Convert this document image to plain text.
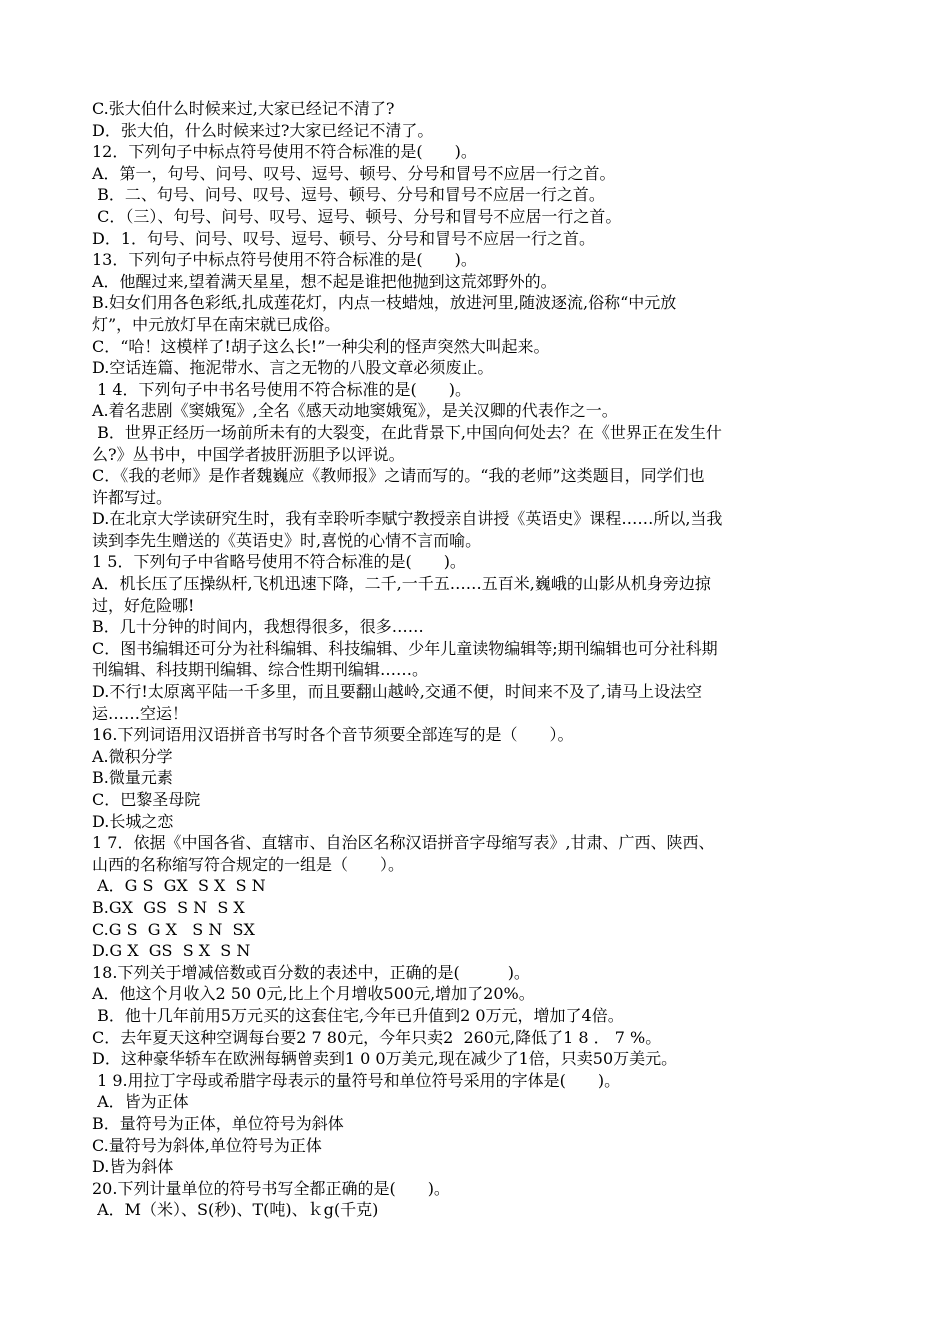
C.张大伯什么时候来过,大家已经记不清了?
D．张大伯，什么时候来过?大家已经记不清了。
12．下列句子中标点符号使用不符合标准的是(　　)。
A．第一，句号、问号、叹号、逗号、顿号、分号和冒号不应居一行之首。
B．二、句号、问号、叹号、逗号、顿号、分号和冒号不应居一行之首。
C．（三）、句号、问号、叹号、逗号、顿号、分号和冒号不应居一行之首。
D．1．句号、问号、叹号、逗号、顿号、分号和冒号不应居一行之首。
13．下列句子中标点符号使用不符合标准的是(　　)。
A．他醒过来,望着满天星星，想不起是谁把他抛到这荒郊野外的。
B.妇女们用各色彩纸,扎成莲花灯，内点一枝蜡烛，放进河里,随波逐流,俗称“中元放
灯”，中元放灯早在南宋就已成俗。
C．“哈！这模样了!胡子这么长!”一种尖利的怪声突然大叫起来。
D.空话连篇、拖泥带水、言之无物的八股文章必须废止。
1 4．下列句子中书名号使用不符合标准的是(　　)。
A.着名悲剧《窦娥冤》,全名《感天动地窦娥冤》，是关汉卿的代表作之一。
B．世界正经历一场前所未有的大裂变，在此背景下,中国向何处去？在《世界正在发生什
么?》丛书中，中国学者披肝沥胆予以评说。
C．《我的老师》是作者魏巍应《教师报》之请而写的。“我的老师”这类题目，同学们也
许都写过。
D.在北京大学读研究生时，我有幸聆听李赋宁教授亲自讲授《英语史》课程……所以,当我
读到李先生赠送的《英语史》时,喜悦的心情不言而喻。
1 5．下列句子中省略号使用不符合标准的是(　　)。
A．机长压了压操纵杆,飞机迅速下降，二千,一千五……五百米,巍峨的山影从机身旁边掠
过，好危险哪!
B．几十分钟的时间内，我想得很多，很多……
C．图书编辑还可分为社科编辑、科技编辑、少年儿童读物编辑等;期刊编辑也可分社科期
刊编辑、科技期刊编辑、综合性期刊编辑……。
D.不行!太原离平陆一千多里，而且要翻山越岭,交通不便，时间来不及了,请马上设法空
运……空运！
16.下列词语用汉语拼音书写时各个音节须要全部连写的是（　　）。
A.微积分学
B.微量元素
C．巴黎圣母院
D.长城之恋
1 7．依据《中国各省、直辖市、自治区名称汉语拼音字母缩写表》,甘肃、广西、陕西、
山西的名称缩写符合规定的一组是（　　）。
A．G S  GX  S X  S N
B.GX  GS  S N  S X
C.G S  G X   S N  SX
D.G X  GS  S X  S N
18.下列关于增减倍数或百分数的表述中，正确的是(　　　)。
A．他这个月收入2 50 0元,比上个月增收500元,增加了20%。
B．他十几年前用5万元买的这套住宅,今年已升值到2 0万元，增加了4倍。
C．去年夏天这种空调每台要2 7 80元，今年只卖2  260元,降低了1 8 ． 7 %。
D．这种豪华轿车在欧洲每辆曾卖到1 0 0万美元,现在减少了1倍，只卖50万美元。
1 9.用拉丁字母或希腊字母表示的量符号和单位符号采用的字体是(　　)。
A．皆为正体
B．量符号为正体，单位符号为斜体
C.量符号为斜体,单位符号为正体
D.皆为斜体
20.下列计量单位的符号书写全都正确的是(　　)。
A．M（米）、S(秒)、T(吨)、ｋg(千克)
